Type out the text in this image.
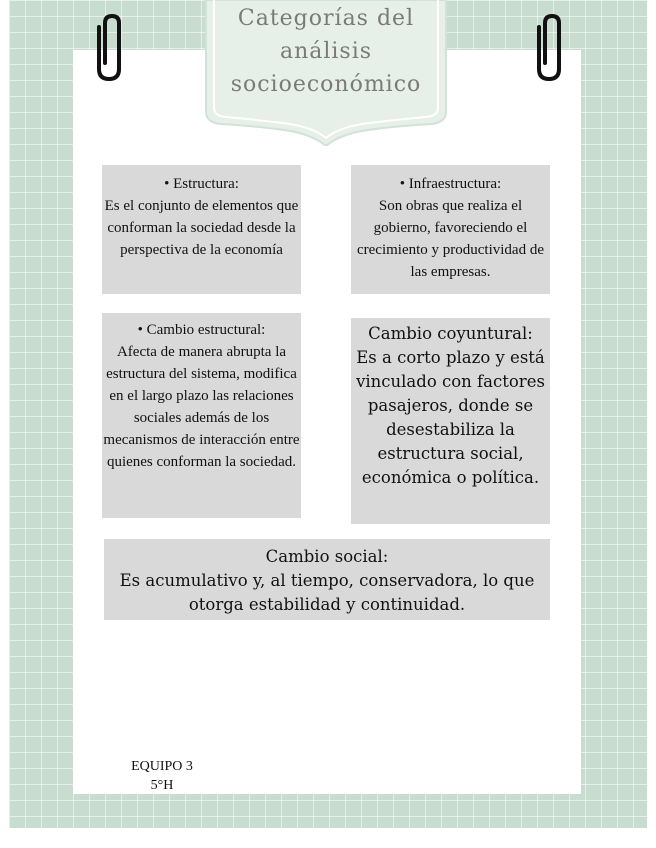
Categorías del
análisis
socioeconómico
• Estructura:
Es el conjunto de elementos que conforman la sociedad desde la perspectiva de la economía
• Infraestructura:
Son obras que realiza el gobierno, favoreciendo el crecimiento y productividad de las empresas.
• Cambio estructural:
Afecta de manera abrupta la estructura del sistema, modifica en el largo plazo las relaciones sociales además de los mecanismos de interacción entre quienes conforman la sociedad.
Cambio coyuntural:
Es a corto plazo y está vinculado con factores pasajeros, donde se desestabiliza la estructura social, económica o política.
Cambio social:
Es acumulativo y, al tiempo, conservadora, lo que otorga estabilidad y continuidad.
EQUIPO 3
5°H
